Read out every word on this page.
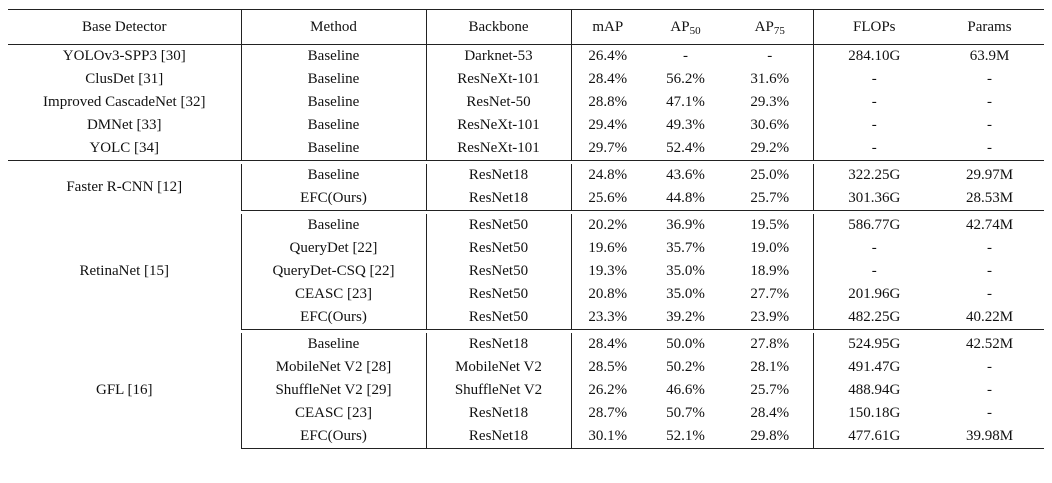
Base Detector	Method	Backbone	mAP	$AP_{50}$	$AP_{75}$	FLOPs	Params
YOLOv3-SPP3 [30]	Baseline	Darknet-53	26.4%	-	-	284.10G	63.9M
ClusDet [31]	Baseline	ResNeXt-101	28.4%	56.2%	31.6%	-	-
Improved CascadeNet [32]	Baseline	ResNet-50	28.8%	47.1%	29.3%	-	-
DMNet [33]	Baseline	ResNeXt-101	29.4%	49.3%	30.6%	-	-
YOLC [34]	Baseline	ResNeXt-101	29.7%	52.4%	29.2%	-	-

Faster R-CNN [12]	Baseline	ResNet18	24.8%	43.6%	25.0%	322.25G	29.97M
	EFC(Ours)	ResNet18	25.6%	44.8%	25.7%	301.36G	28.53M

RetinaNet [15]	Baseline	ResNet50	20.2%	36.9%	19.5%	586.77G	42.74M
	QueryDet [22]	ResNet50	19.6%	35.7%	19.0%	-	-
	QueryDet-CSQ [22]	ResNet50	19.3%	35.0%	18.9%	-	-
	CEASC [23]	ResNet50	20.8%	35.0%	27.7%	201.96G	-
	EFC(Ours)	ResNet50	23.3%	39.2%	23.9%	482.25G	40.22M

GFL [16]	Baseline	ResNet18	28.4%	50.0%	27.8%	524.95G	42.52M
	MobileNet V2 [28]	MobileNet V2	28.5%	50.2%	28.1%	491.47G	-
	ShuffleNet V2 [29]	ShuffleNet V2	26.2%	46.6%	25.7%	488.94G	-
	CEASC [23]	ResNet18	28.7%	50.7%	28.4%	150.18G	-
	EFC(Ours)	ResNet18	30.1%	52.1%	29.8%	477.61G	39.98M
